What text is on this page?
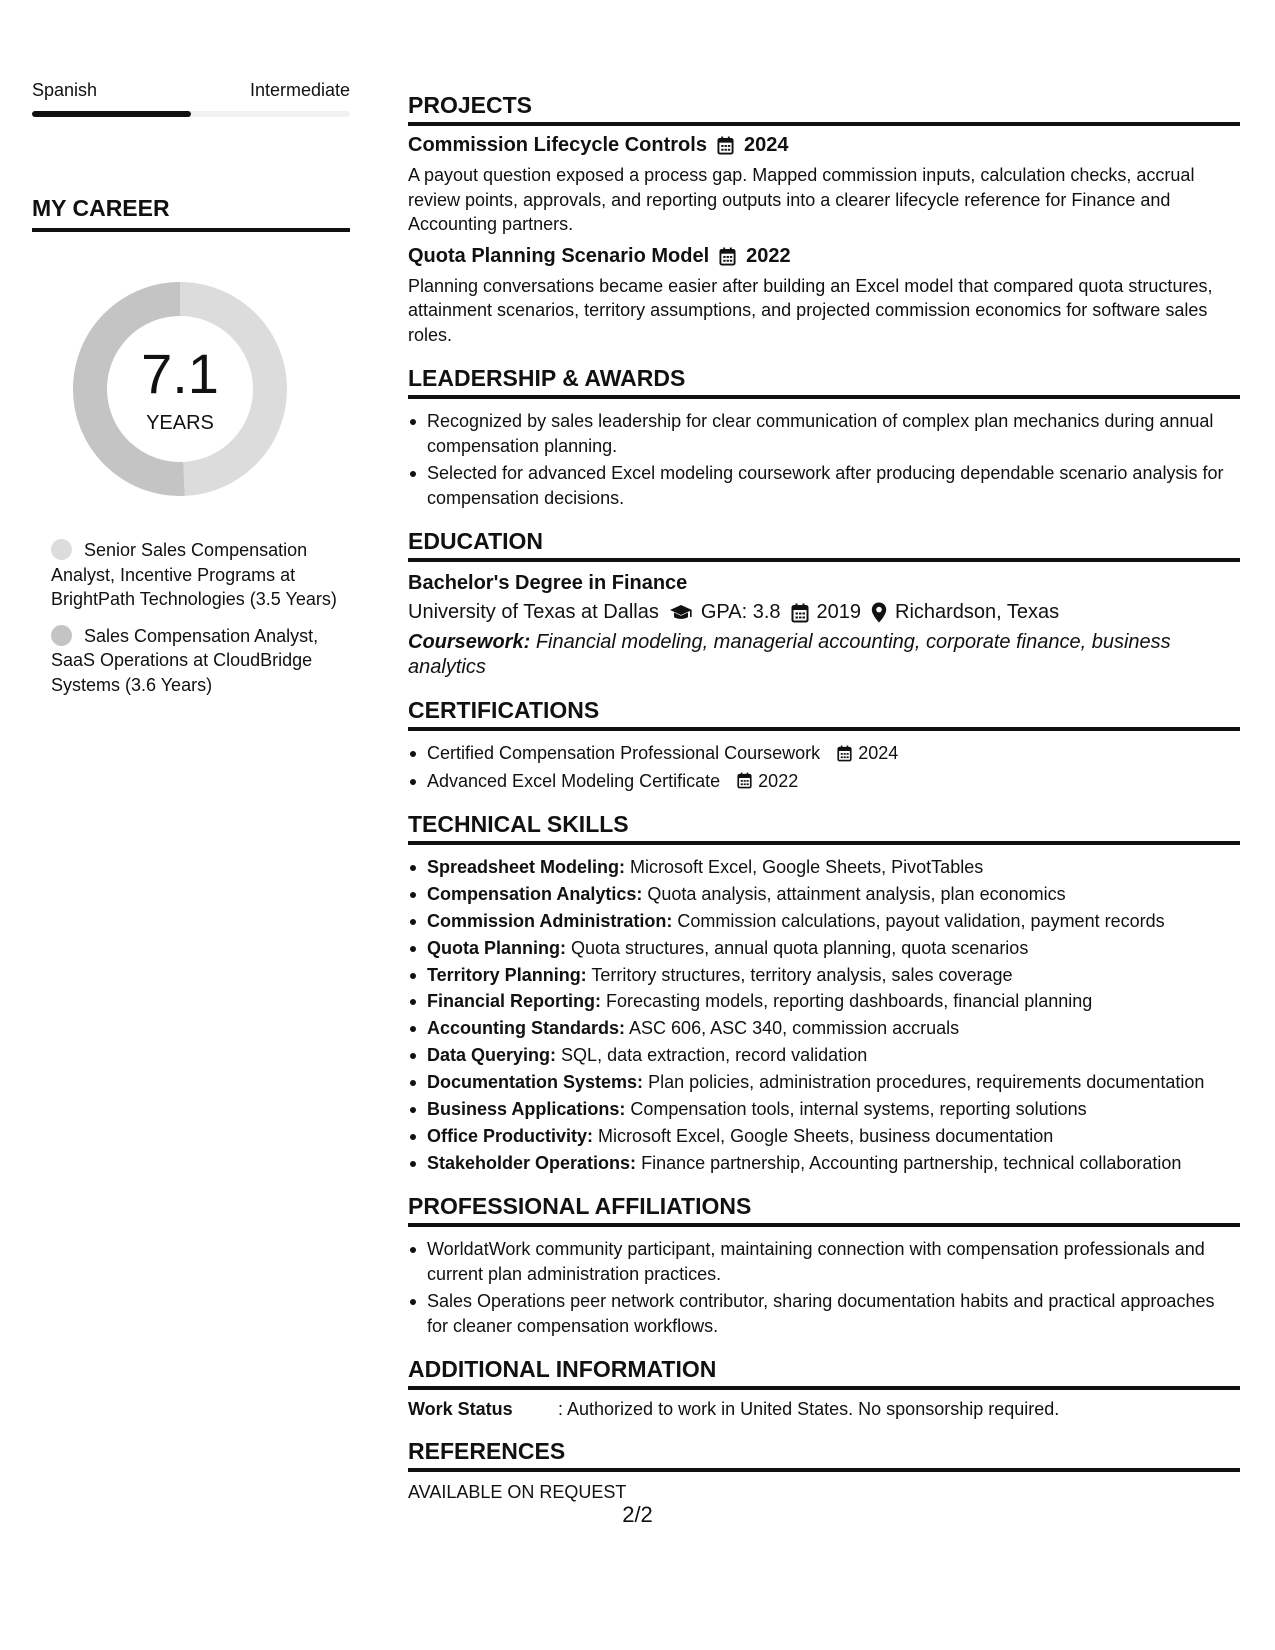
Spanish	Intermediate
MY CAREER
7.1
YEARS
Senior Sales Compensation Analyst, Incentive Programs at BrightPath Technologies (3.5 Years)
Sales Compensation Analyst, SaaS Operations at CloudBridge Systems (3.6 Years)
PROJECTS
Commission Lifecycle Controls 2024
A payout question exposed a process gap. Mapped commission inputs, calculation checks, accrual review points, approvals, and reporting outputs into a clearer lifecycle reference for Finance and Accounting partners.
Quota Planning Scenario Model 2022
Planning conversations became easier after building an Excel model that compared quota structures, attainment scenarios, territory assumptions, and projected commission economics for software sales roles.
LEADERSHIP & AWARDS
Recognized by sales leadership for clear communication of complex plan mechanics during annual compensation planning.
Selected for advanced Excel modeling coursework after producing dependable scenario analysis for compensation decisions.
EDUCATION
Bachelor's Degree in Finance
University of Texas at Dallas GPA: 3.8 2019 Richardson, Texas
Coursework: Financial modeling, managerial accounting, corporate finance, business analytics
CERTIFICATIONS
Certified Compensation Professional Coursework
2024
Advanced Excel Modeling Certificate
2022
TECHNICAL SKILLS
Spreadsheet Modeling: Microsoft Excel, Google Sheets, PivotTables
Compensation Analytics: Quota analysis, attainment analysis, plan economics
Commission Administration: Commission calculations, payout validation, payment records
Quota Planning: Quota structures, annual quota planning, quota scenarios
Territory Planning: Territory structures, territory analysis, sales coverage
Financial Reporting: Forecasting models, reporting dashboards, financial planning
Accounting Standards: ASC 606, ASC 340, commission accruals
Data Querying: SQL, data extraction, record validation
Documentation Systems: Plan policies, administration procedures, requirements documentation
Business Applications: Compensation tools, internal systems, reporting solutions
Office Productivity: Microsoft Excel, Google Sheets, business documentation
Stakeholder Operations: Finance partnership, Accounting partnership, technical collaboration
PROFESSIONAL AFFILIATIONS
WorldatWork community participant, maintaining connection with compensation professionals and current plan administration practices.
Sales Operations peer network contributor, sharing documentation habits and practical approaches for cleaner compensation workflows.
ADDITIONAL INFORMATION
Work Status	: Authorized to work in United States. No sponsorship required.
REFERENCES
AVAILABLE ON REQUEST
2/2
